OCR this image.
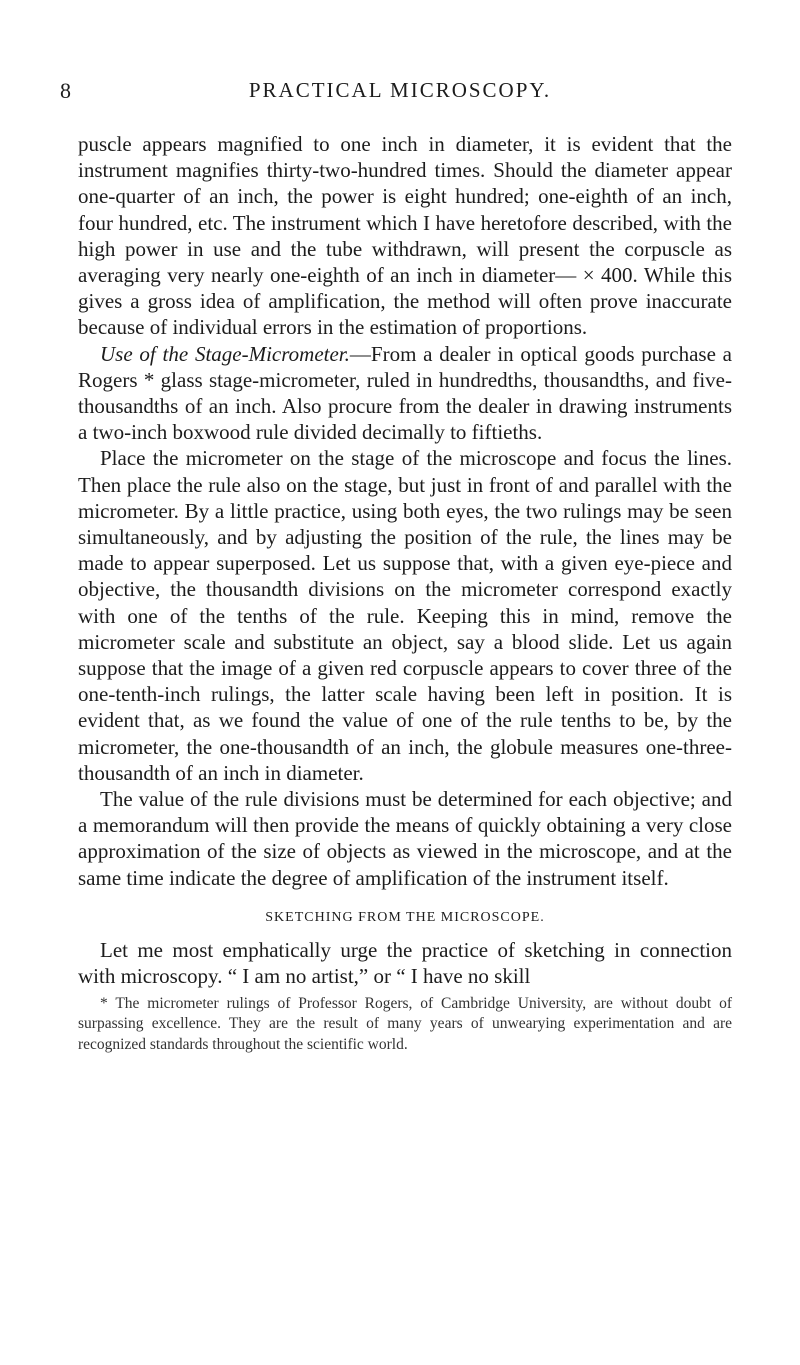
8	PRACTICAL MICROSCOPY.

puscle appears magnified to one inch in diameter, it is evident that the instrument magnifies thirty-two-hundred times. Should the diameter appear one-quarter of an inch, the power is eight hundred; one-eighth of an inch, four hundred, etc. The instrument which I have heretofore described, with the high power in use and the tube withdrawn, will present the corpuscle as averaging very nearly one-eighth of an inch in diameter— × 400. While this gives a gross idea of amplification, the method will often prove inaccurate because of individual errors in the estimation of proportions.

Use of the Stage-Micrometer.—From a dealer in optical goods purchase a Rogers * glass stage-micrometer, ruled in hundredths, thousandths, and five-thousandths of an inch. Also procure from the dealer in drawing instruments a two-inch boxwood rule divided decimally to fiftieths.

Place the micrometer on the stage of the microscope and focus the lines. Then place the rule also on the stage, but just in front of and parallel with the micrometer. By a little practice, using both eyes, the two rulings may be seen simultaneously, and by adjusting the position of the rule, the lines may be made to appear superposed. Let us suppose that, with a given eye-piece and objective, the thousandth divisions on the micrometer correspond exactly with one of the tenths of the rule. Keeping this in mind, remove the micrometer scale and substitute an object, say a blood slide. Let us again suppose that the image of a given red corpuscle appears to cover three of the one-tenth-inch rulings, the latter scale having been left in position. It is evident that, as we found the value of one of the rule tenths to be, by the micrometer, the one-thousandth of an inch, the globule measures one-three-thousandth of an inch in diameter.

The value of the rule divisions must be determined for each objective; and a memorandum will then provide the means of quickly obtaining a very close approximation of the size of objects as viewed in the microscope, and at the same time indicate the degree of amplification of the instrument itself.

SKETCHING FROM THE MICROSCOPE.

Let me most emphatically urge the practice of sketching in connection with microscopy. “ I am no artist,” or “ I have no skill

* The micrometer rulings of Professor Rogers, of Cambridge University, are without doubt of surpassing excellence. They are the result of many years of unwearying experimentation and are recognized standards throughout the scientific world.
